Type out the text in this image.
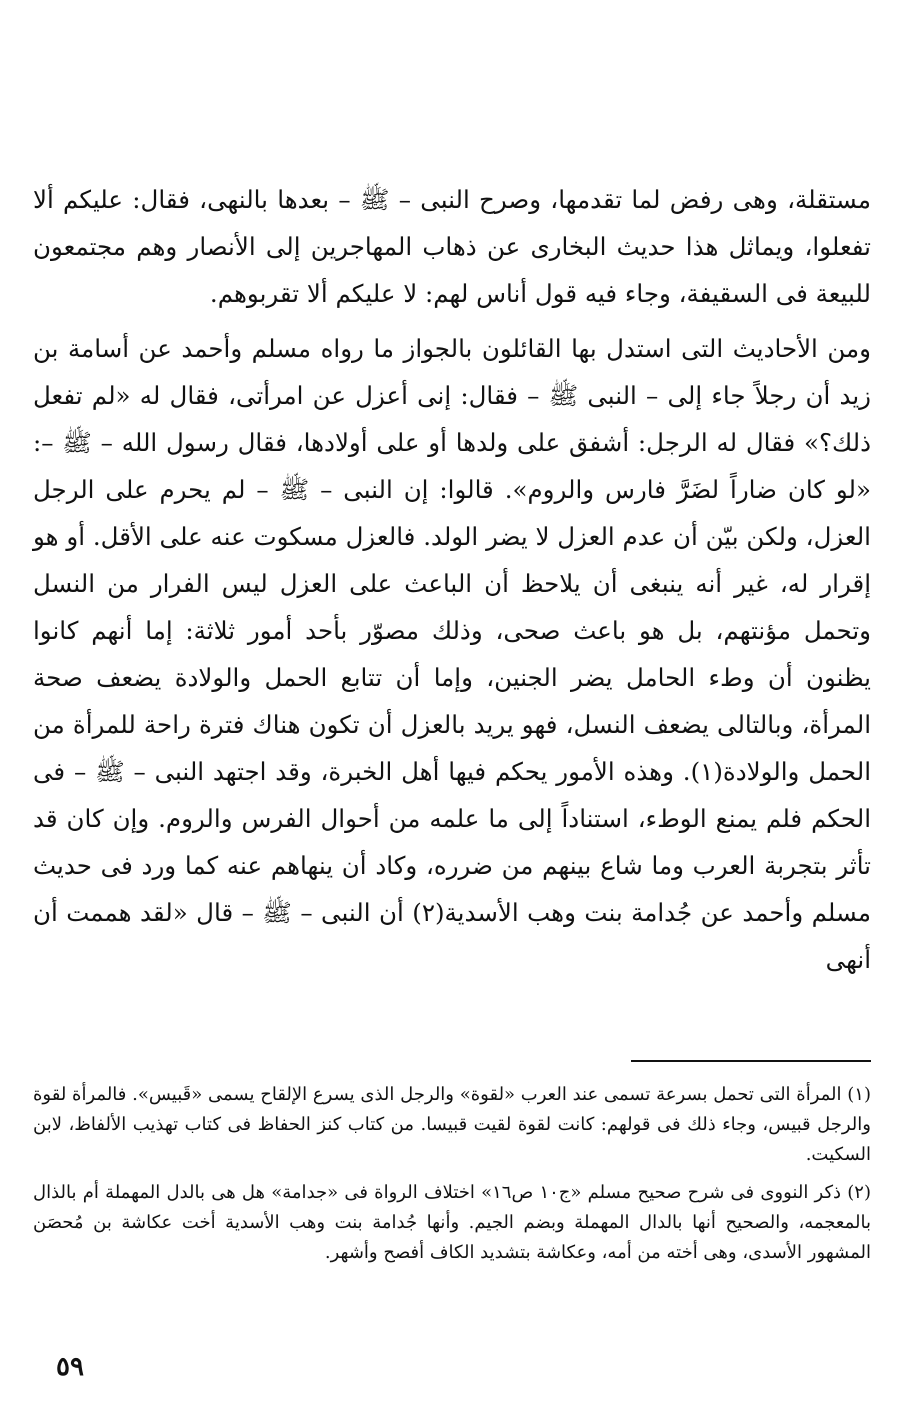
مستقلة، وهى رفض لما تقدمها، وصرح النبى – ﷺ – بعدها بالنهى، فقال: عليكم ألا تفعلوا، ويماثل هذا حديث البخارى عن ذهاب المهاجرين إلى الأنصار وهم مجتمعون للبيعة فى السقيفة، وجاء فيه قول أناس لهم: لا عليكم ألا تقربوهم.

ومن الأحاديث التى استدل بها القائلون بالجواز ما رواه مسلم وأحمد عن أسامة بن زيد أن رجلاً جاء إلى – النبى ﷺ – فقال: إنى أعزل عن امرأتى، فقال له «لم تفعل ذلك؟» فقال له الرجل: أشفق على ولدها أو على أولادها، فقال رسول الله – ﷺ –: «لو كان ضاراً لضَرَّ فارس والروم». قالوا: إن النبى – ﷺ – لم يحرم على الرجل العزل، ولكن بيّن أن عدم العزل لا يضر الولد. فالعزل مسكوت عنه على الأقل. أو هو إقرار له، غير أنه ينبغى أن يلاحظ أن الباعث على العزل ليس الفرار من النسل وتحمل مؤنتهم، بل هو باعث صحى، وذلك مصوّر بأحد أمور ثلاثة: إما أنهم كانوا يظنون أن وطء الحامل يضر الجنين، وإما أن تتابع الحمل والولادة يضعف صحة المرأة، وبالتالى يضعف النسل، فهو يريد بالعزل أن تكون هناك فترة راحة للمرأة من الحمل والولادة(١). وهذه الأمور يحكم فيها أهل الخبرة، وقد اجتهد النبى – ﷺ – فى الحكم فلم يمنع الوطء، استناداً إلى ما علمه من أحوال الفرس والروم. وإن كان قد تأثر بتجربة العرب وما شاع بينهم من ضرره، وكاد أن ينهاهم عنه كما ورد فى حديث مسلم وأحمد عن جُدامة بنت وهب الأسدية(٢) أن النبى – ﷺ – قال «لقد هممت أن أنهى

(١) المرأة التى تحمل بسرعة تسمى عند العرب «لقوة» والرجل الذى يسرع الإلقاح يسمى «قَبيس». فالمرأة لقوة والرجل قبيس، وجاء ذلك فى قولهم: كانت لقوة لقيت قبيسا. من كتاب كنز الحفاظ فى كتاب تهذيب الألفاظ، لابن السكيت.

(٢) ذكر النووى فى شرح صحيح مسلم «ج١٠ ص١٦» اختلاف الرواة فى «جدامة» هل هى بالدل المهملة أم بالذال بالمعجمه، والصحيح أنها بالدال المهملة وبضم الجيم. وأنها جُدامة بنت وهب الأسدية أخت عكاشة بن مُحصَن المشهور الأسدى، وهى أخته من أمه، وعكاشة بتشديد الكاف أفصح وأشهر.

٥٩
